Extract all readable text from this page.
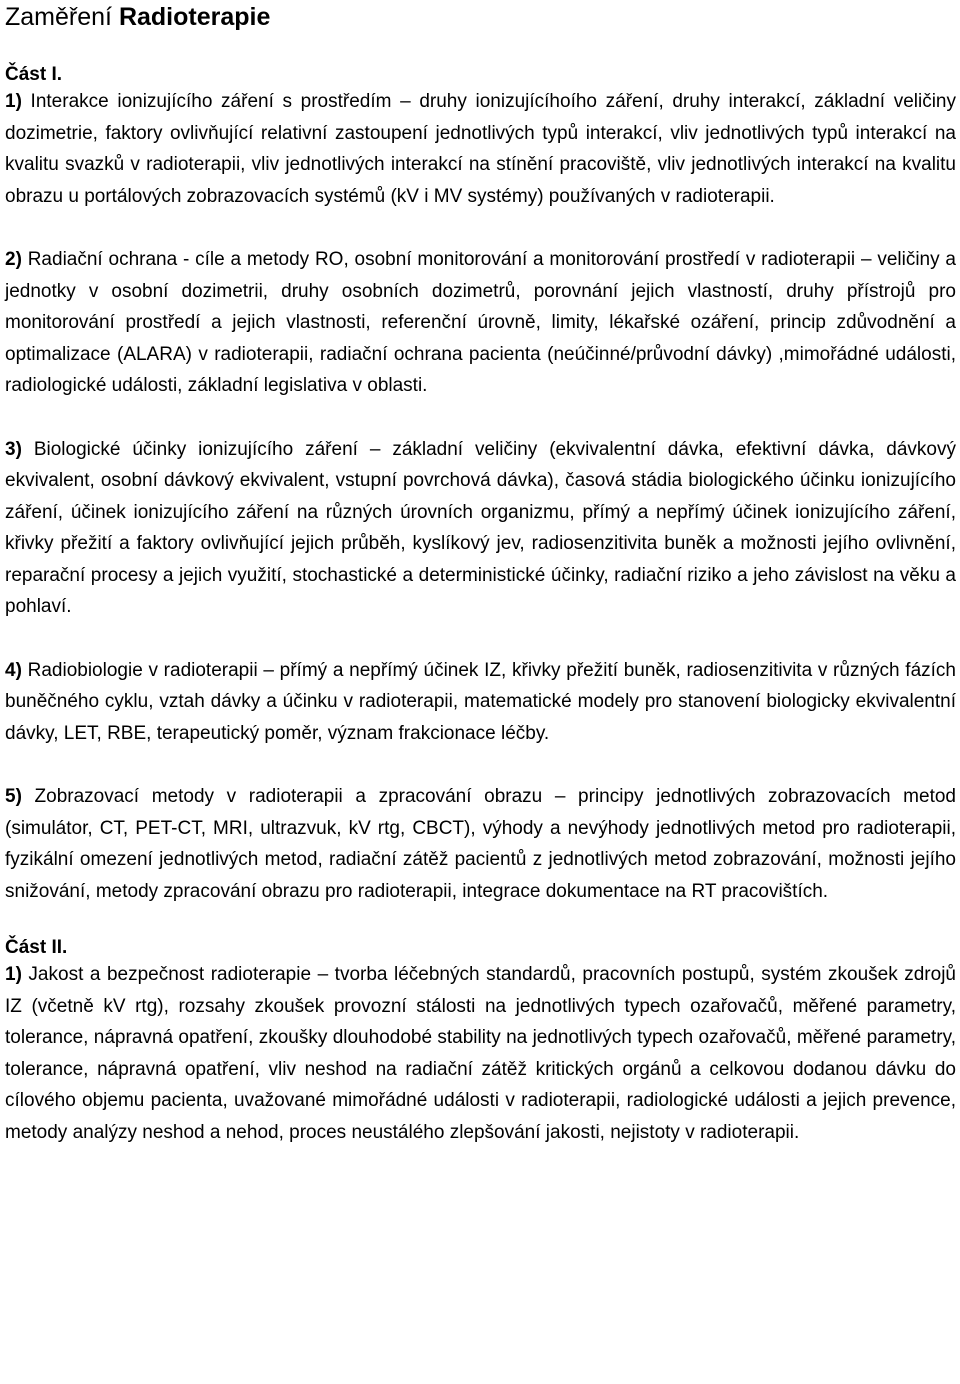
Zaměření Radioterapie
Část I.

1) Interakce ionizujícího záření s prostředím – druhy ionizujícíhoího záření, druhy interakcí, základní veličiny dozimetrie, faktory ovlivňující relativní zastoupení jednotlivých typů interakcí, vliv jednotlivých typů interakcí na kvalitu svazků v radioterapii, vliv jednotlivých interakcí na stínění pracoviště, vliv jednotlivých interakcí na kvalitu obrazu u portálových zobrazovacích systémů (kV i MV systémy) používaných v radioterapii.

2) Radiační ochrana - cíle a metody RO, osobní monitorování a monitorování prostředí v radioterapii – veličiny a jednotky v osobní dozimetrii, druhy osobních dozimetrů, porovnání jejich vlastností, druhy přístrojů pro monitorování prostředí a jejich vlastnosti, referenční úrovně, limity, lékařské ozáření, princip zdůvodnění a optimalizace (ALARA) v radioterapii, radiační ochrana pacienta (neúčinné/průvodní dávky) ,mimořádné události, radiologické události, základní legislativa v oblasti.

3) Biologické účinky ionizujícího záření – základní veličiny (ekvivalentní dávka, efektivní dávka, dávkový ekvivalent, osobní dávkový ekvivalent, vstupní povrchová dávka), časová stádia biologického účinku ionizujícího záření, účinek ionizujícího záření na různých úrovních organizmu, přímý a nepřímý účinek ionizujícího záření, křivky přežití a faktory ovlivňující jejich průběh, kyslíkový jev, radiosenzitivita buněk a možnosti jejího ovlivnění, reparační procesy a jejich využití, stochastické a deterministické účinky, radiační riziko a jeho závislost na věku a pohlaví.

4) Radiobiologie v radioterapii – přímý a nepřímý účinek IZ, křivky přežití buněk, radiosenzitivita v různých fázích buněčného cyklu, vztah dávky a účinku v radioterapii, matematické modely pro stanovení biologicky ekvivalentní dávky, LET, RBE, terapeutický poměr, význam frakcionace léčby.

5) Zobrazovací metody v radioterapii a zpracování obrazu – principy jednotlivých zobrazovacích metod (simulátor, CT, PET-CT, MRI, ultrazvuk, kV rtg, CBCT), výhody a nevýhody jednotlivých metod pro radioterapii, fyzikální omezení jednotlivých metod, radiační zátěž pacientů z jednotlivých metod zobrazování, možnosti jejího snižování, metody zpracování obrazu pro radioterapii, integrace dokumentace na RT pracovištích.

Část II.

1) Jakost a bezpečnost radioterapie – tvorba léčebných standardů, pracovních postupů, systém zkoušek zdrojů IZ (včetně kV rtg), rozsahy zkoušek provozní stálosti na jednotlivých typech ozařovačů, měřené parametry, tolerance, nápravná opatření, zkoušky dlouhodobé stability na jednotlivých typech ozařovačů, měřené parametry, tolerance, nápravná opatření, vliv neshod na radiační zátěž kritických orgánů a celkovou dodanou dávku do cílového objemu pacienta, uvažované mimořádné události v radioterapii, radiologické události a jejich prevence, metody analýzy neshod a nehod, proces neustálého zlepšování jakosti, nejistoty v radioterapii.
